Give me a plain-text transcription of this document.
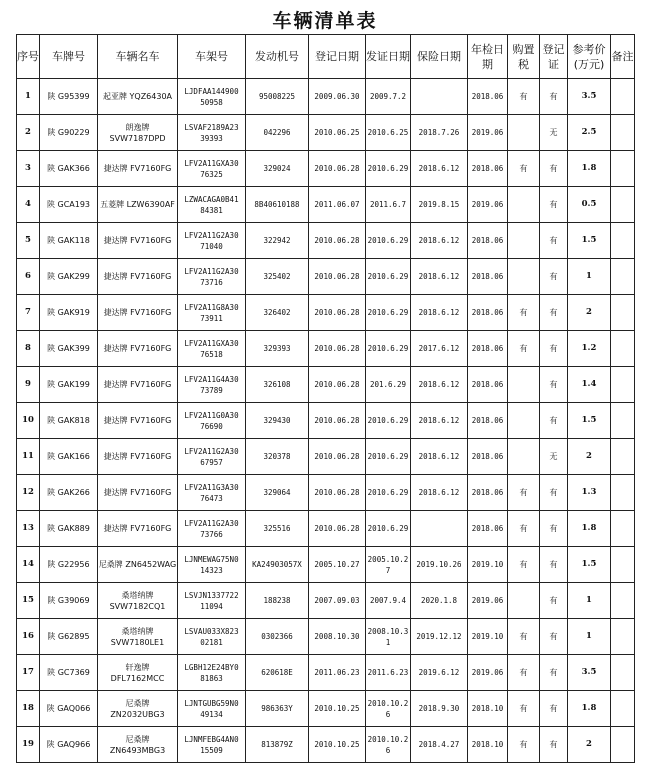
车辆清单表
序号	车牌号	车辆名车	车架号	发动机号	登记日期	发证日期	保险日期	年检日期	购置税	登记证	参考价(万元)	备注
1	陕 G95399	起亚牌 YQZ6430A	LJDFAA144900 50958	95008225	2009.06.30	2009.7.2		2018.06	有	有	3.5	
2	陕 G90229	朗逸牌 SVW7187DPD	LSVAF2189A23 39393	042296	2010.06.25	2010.6.25	2018.7.26	2019.06		无	2.5	
3	陕 GAK366	捷达牌 FV7160FG	LFV2A11GXA30 76325	329024	2010.06.28	2010.6.29	2018.6.12	2018.06	有	有	1.8	
4	陕 GCA193	五菱牌 LZW6390AF	LZWACAGA0B41 84381	8B40610188	2011.06.07	2011.6.7	2019.8.15	2019.06		有	0.5	
5	陕 GAK118	捷达牌 FV7160FG	LFV2A11G2A30 71040	322942	2010.06.28	2010.6.29	2018.6.12	2018.06		有	1.5	
6	陕 GAK299	捷达牌 FV7160FG	LFV2A11G2A30 73716	325402	2010.06.28	2010.6.29	2018.6.12	2018.06		有	1	
7	陕 GAK919	捷达牌 FV7160FG	LFV2A11G8A30 73911	326402	2010.06.28	2010.6.29	2018.6.12	2018.06	有	有	2	
8	陕 GAK399	捷达牌 FV7160FG	LFV2A11GXA30 76518	329393	2010.06.28	2010.6.29	2017.6.12	2018.06	有	有	1.2	
9	陕 GAK199	捷达牌 FV7160FG	LFV2A11G4A30 73789	326108	2010.06.28	201.6.29	2018.6.12	2018.06		有	1.4	
10	陕 GAK818	捷达牌 FV7160FG	LFV2A11G0A30 76690	329430	2010.06.28	2010.6.29	2018.6.12	2018.06		有	1.5	
11	陕 GAK166	捷达牌 FV7160FG	LFV2A11G2A30 67957	320378	2010.06.28	2010.6.29	2018.6.12	2018.06		无	2	
12	陕 GAK266	捷达牌 FV7160FG	LFV2A11G3A30 76473	329064	2010.06.28	2010.6.29	2018.6.12	2018.06	有	有	1.3	
13	陕 GAK889	捷达牌 FV7160FG	LFV2A11G2A30 73766	325516	2010.06.28	2010.6.29		2018.06	有	有	1.8	
14	陕 G22956	尼桑牌 ZN6452WAG	LJNMEWAG75N0 14323	KA24903057X	2005.10.27	2005.10.2 7	2019.10.26	2019.10	有	有	1.5	
15	陕 G39069	桑塔纳牌 SVW7182CQ1	LSVJN1337722 11094	188238	2007.09.03	2007.9.4	2020.1.8	2019.06		有	1	
16	陕 G62895	桑塔纳牌 SVW7180LE1	LSVAU033X823 02181	0302366	2008.10.30	2008.10.3 1	2019.12.12	2019.10	有	有	1	
17	陕 GC7369	轩逸牌 DFL7162MCC	LGBH12E24BY0 81863	620618E	2011.06.23	2011.6.23	2019.6.12	2019.06	有	有	3.5	
18	陕 GAQ066	尼桑牌 ZN2032UBG3	LJNTGUBG59N0 49134	986363Y	2010.10.25	2010.10.2 6	2018.9.30	2018.10	有	有	1.8	
19	陕 GAQ966	尼桑牌 ZN6493MBG3	LJNMFEBG4AN0 15509	813879Z	2010.10.25	2010.10.2 6	2018.4.27	2018.10	有	有	2	
